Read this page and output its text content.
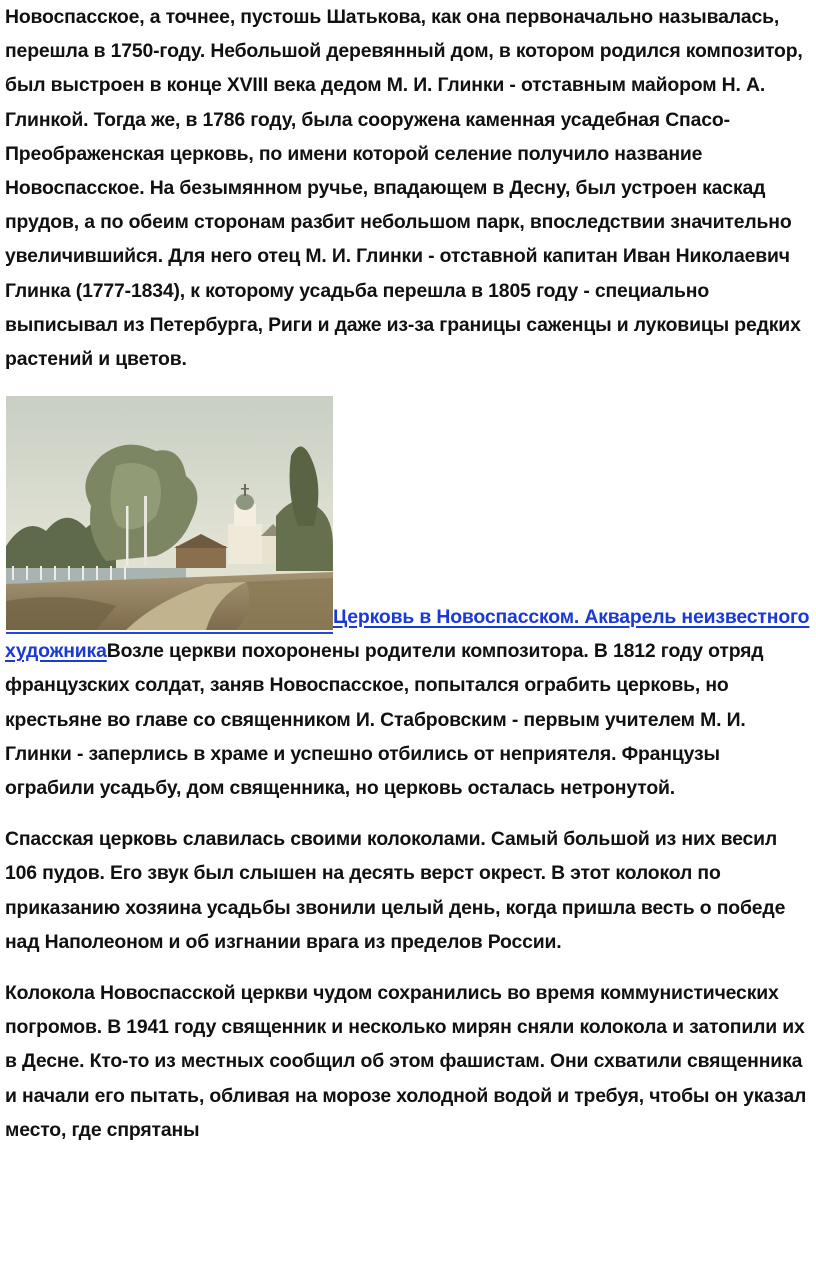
Новоспасское, а точнее, пустошь Шатькова, как она первоначально называлась, перешла в 1750-году. Небольшой деревянный дом, в котором родился композитор, был выстроен в конце XVIII века дедом М. И. Глинки - отставным майором Н. А. Глинкой. Тогда же, в 1786 году, была сооружена каменная усадебная Спасо-Преображенская церковь, по имени которой селение получило название Новоспасское. На безымянном ручье, впадающем в Десну, был устроен каскад прудов, а по обеим сторонам разбит небольшом парк, впоследствии значительно увеличившийся. Для него отец М. И. Глинки - отставной капитан Иван Николаевич Глинка (1777-1834), к которому усадьба перешла в 1805 году - специально выписывал из Петербурга, Риги и даже из-за границы саженцы и луковицы редких растений и цветов.

Церковь в Новоспасском. Акварель неизвестного художникаВозле церкви похоронены родители композитора. В 1812 году отряд французских солдат, заняв Новоспасское, попытался ограбить церковь, но крестьяне во главе со священником И. Стабровским - первым учителем М. И. Глинки - заперлись в храме и успешно отбились от неприятеля. Французы ограбили усадьбу, дом священника, но церковь осталась нетронутой.

Спасская церковь славилась своими колоколами. Самый большой из них весил 106 пудов. Его звук был слышен на десять верст окрест. В этот колокол по приказанию хозяина усадьбы звонили целый день, когда пришла весть о победе над Наполеоном и об изгнании врага из пределов России.

Колокола Новоспасской церкви чудом сохранились во время коммунистических погромов. В 1941 году священник и несколько мирян сняли колокола и затопили их в Десне. Кто-то из местных сообщил об этом фашистам. Они схватили священника и начали его пытать, обливая на морозе холодной водой и требуя, чтобы он указал место, где спрятаны
